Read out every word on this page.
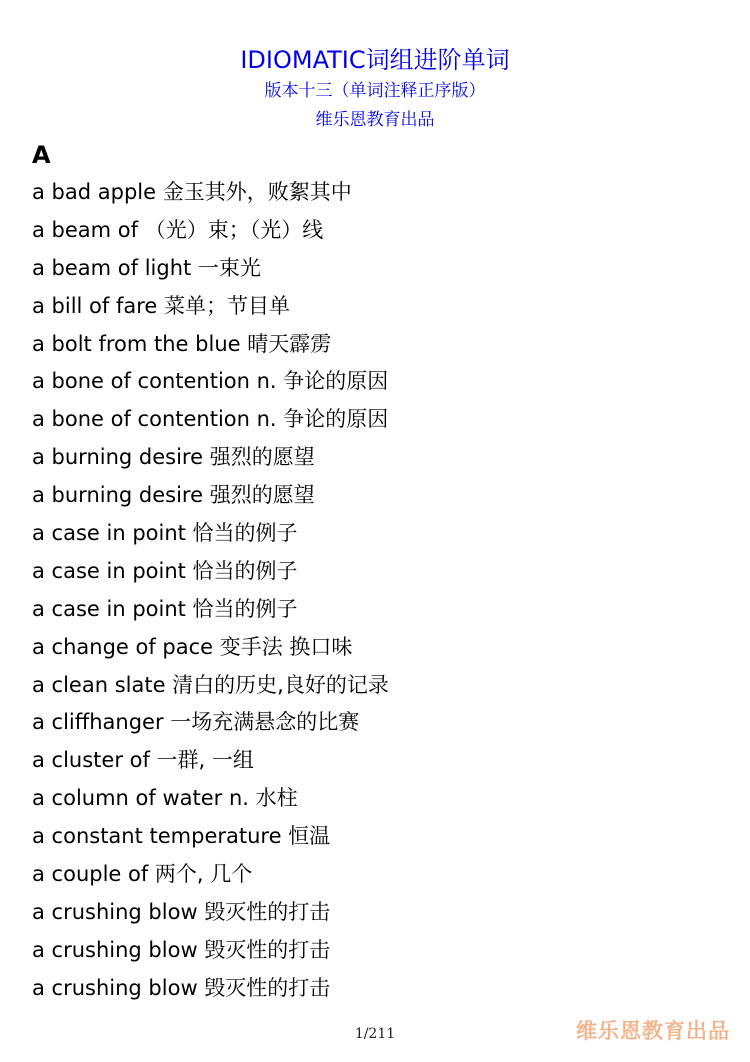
IDIOMATIC词组进阶单词

版本十三（单词注释正序版）

维乐恩教育出品

A
a bad apple 金玉其外，败絮其中
a beam of （光）束；（光）线
a beam of light 一束光
a bill of fare 菜单；节目单
a bolt from the blue 晴天霹雳
a bone of contention n. 争论的原因
a bone of contention n. 争论的原因
a burning desire 强烈的愿望
a burning desire 强烈的愿望
a case in point 恰当的例子
a case in point 恰当的例子
a case in point 恰当的例子
a change of pace 变手法 换口味
a clean slate 清白的历史,良好的记录
a cliffhanger 一场充满悬念的比赛
a cluster of 一群, 一组
a column of water n. 水柱
a constant temperature 恒温
a couple of 两个, 几个
a crushing blow 毁灭性的打击
a crushing blow 毁灭性的打击
a crushing blow 毁灭性的打击
1/211	维乐恩教育出品
